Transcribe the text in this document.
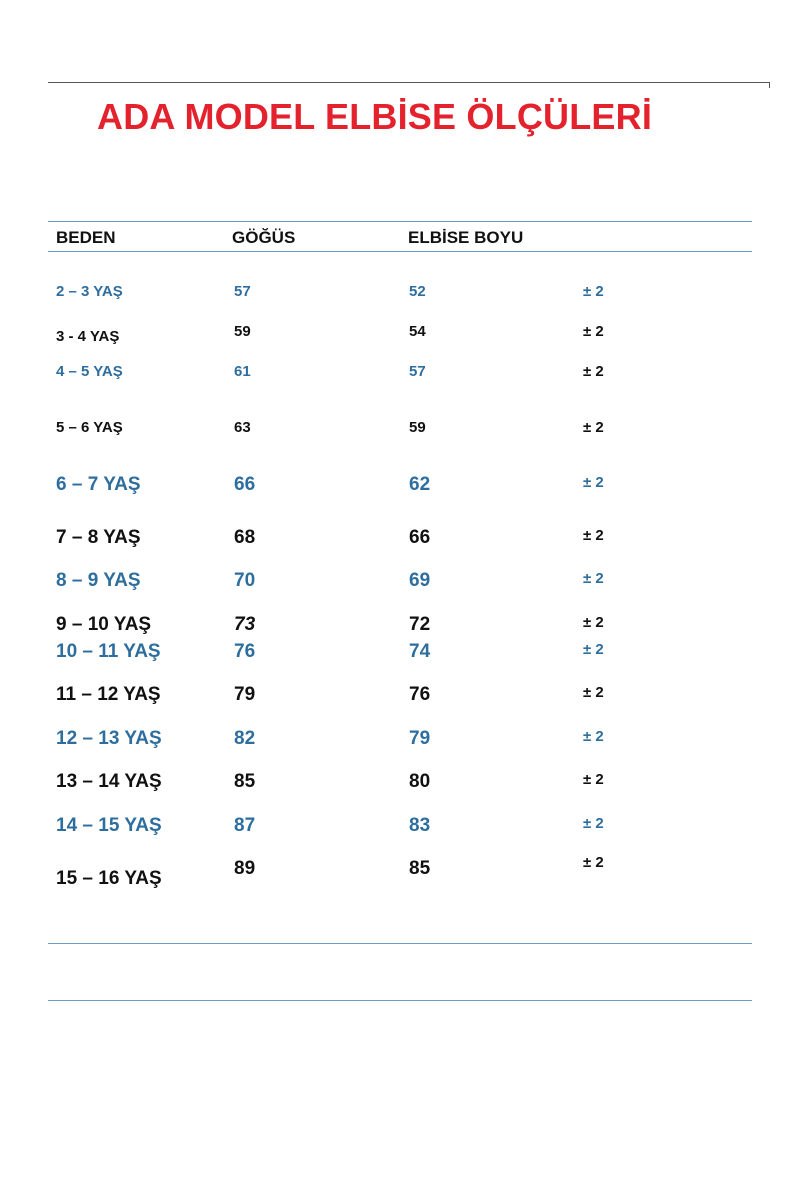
ADA MODEL ELBİSE ÖLÇÜLERİ
BEDEN	GÖĞÜS	ELBİSE BOYU
2 – 3 YAŞ	57	52	± 2
3 - 4 YAŞ	59	54	± 2
4 – 5 YAŞ	61	57	± 2
5 – 6 YAŞ	63	59	± 2
6 – 7 YAŞ	66	62	± 2
7 – 8 YAŞ	68	66	± 2
8 – 9 YAŞ	70	69	± 2
9 – 10 YAŞ	73	72	± 2
10 – 11 YAŞ	76	74	± 2
11 – 12 YAŞ	79	76	± 2
12 – 13 YAŞ	82	79	± 2
13 – 14 YAŞ	85	80	± 2
14 – 15 YAŞ	87	83	± 2
15 – 16 YAŞ	89	85	± 2
